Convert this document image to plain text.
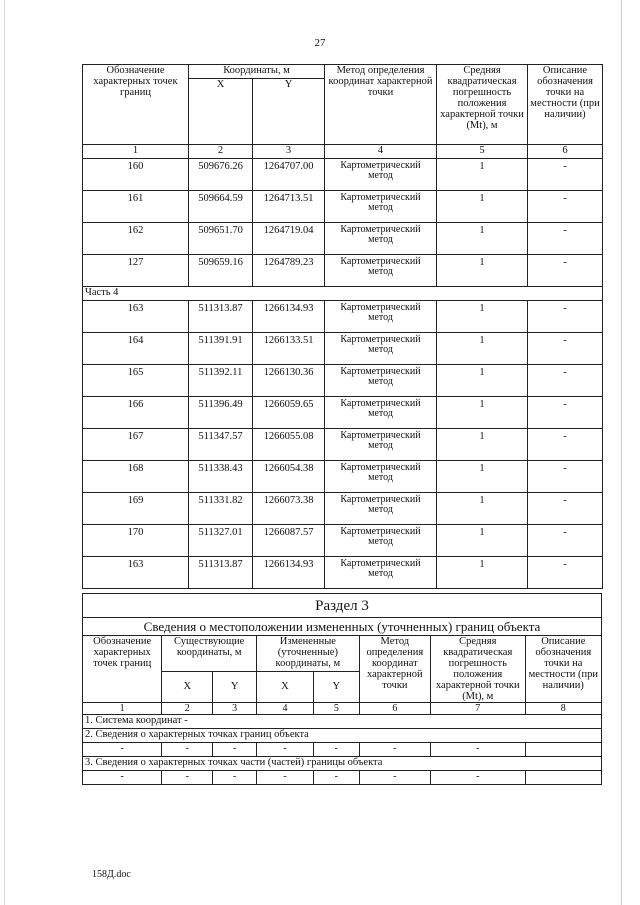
27
Обозначение характерных точек границ	Координаты, м		Метод определения координат характерной точки	Средняя квадратическая погрешность положения характерной точки (Mt), м	Описание обозначения точки на местности (при наличии)
	X	Y			
1	2	3	4	5	6
160	509676.26	1264707.00	Картометрический метод	1	-
161	509664.59	1264713.51	Картометрический метод	1	-
162	509651.70	1264719.04	Картометрический метод	1	-
127	509659.16	1264789.23	Картометрический метод	1	-
Часть 4					
163	511313.87	1266134.93	Картометрический метод	1	-
164	511391.91	1266133.51	Картометрический метод	1	-
165	511392.11	1266130.36	Картометрический метод	1	-
166	511396.49	1266059.65	Картометрический метод	1	-
167	511347.57	1266055.08	Картометрический метод	1	-
168	511338.43	1266054.38	Картометрический метод	1	-
169	511331.82	1266073.38	Картометрический метод	1	-
170	511327.01	1266087.57	Картометрический метод	1	-
163	511313.87	1266134.93	Картометрический метод	1	-
Раздел 3							
Сведения о местоположении измененных (уточненных) границ объекта							
Обозначение характерных точек границ	Существующие координаты, м		Измененные (уточненные) координаты, м		Метод определения координат характерной точки	Средняя квадратическая погрешность положения характерной точки (Mt), м	Описание обозначения точки на местности (при наличии)
	X	Y	X	Y			
1	2	3	4	5	6	7	8
1. Система координат -							
2. Сведения о характерных точках границ объекта							
-	-	-	-	-	-	-	
3. Сведения о характерных точках части (частей) границы объекта							
-	-	-	-	-	-	-	
158Д.doc
